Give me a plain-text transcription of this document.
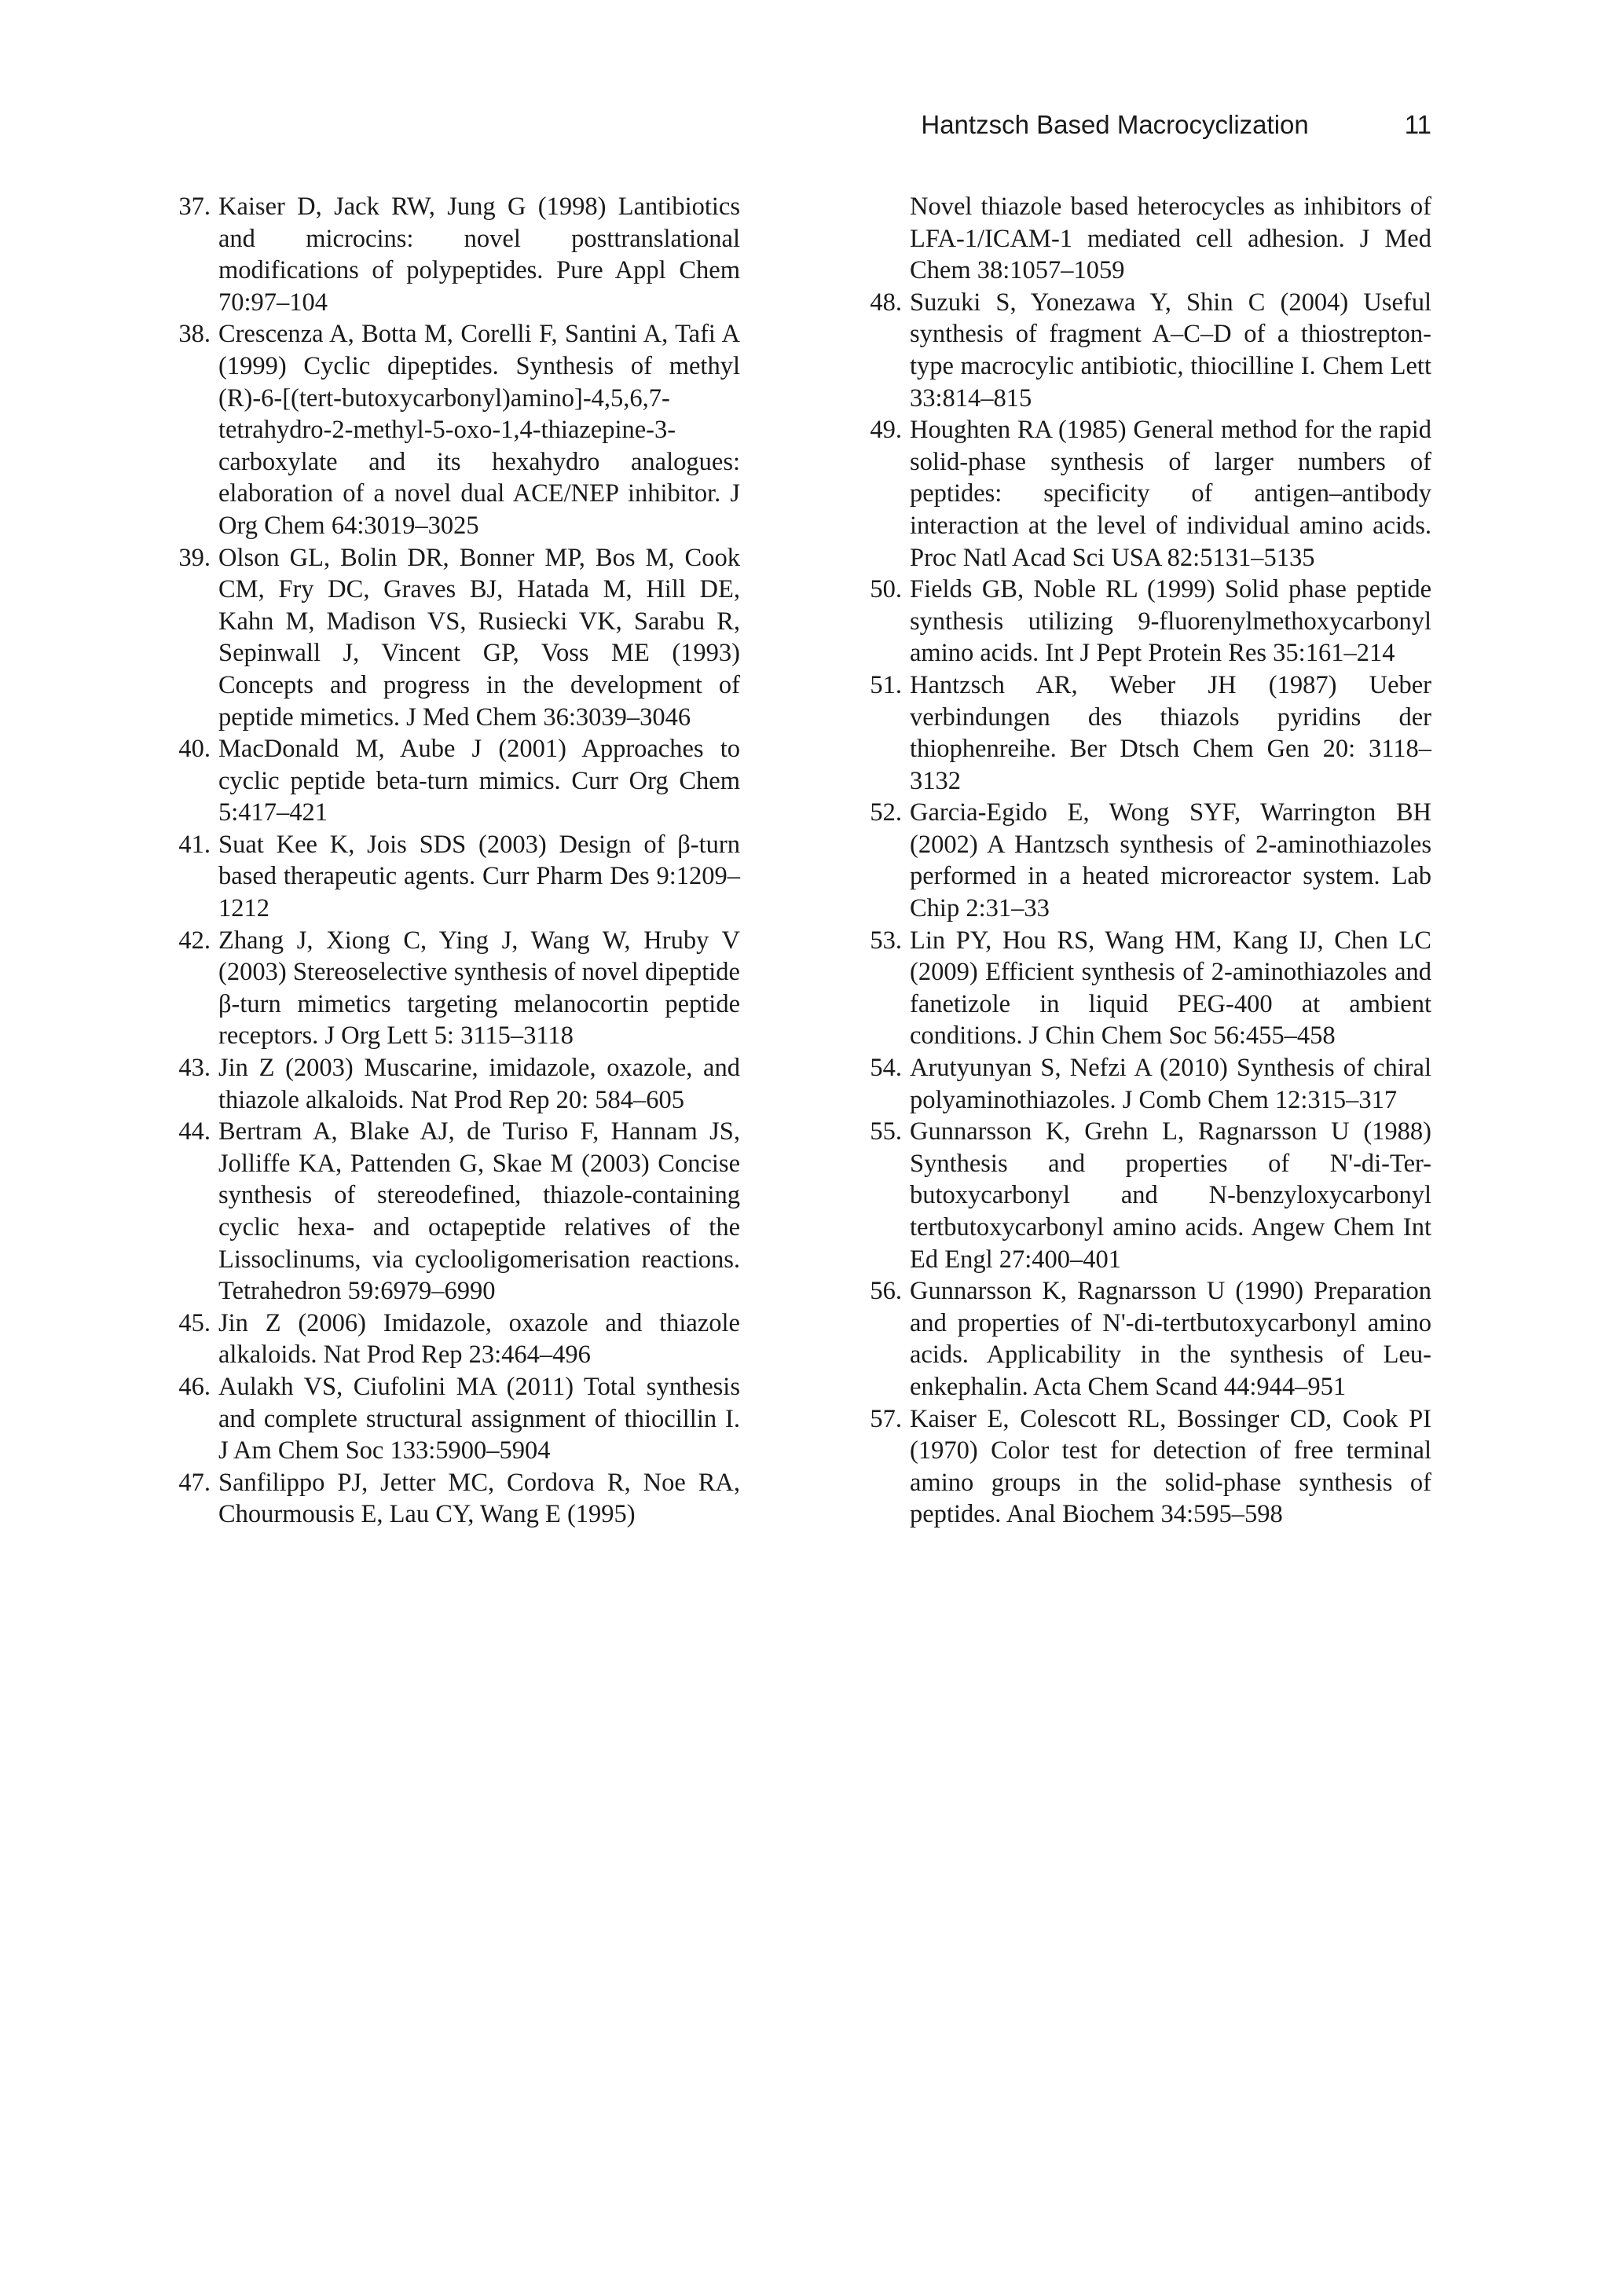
Hantzsch Based Macrocyclization	11
37. Kaiser D, Jack RW, Jung G (1998) Lantibiotics and microcins: novel posttranslational modifications of polypeptides. Pure Appl Chem 70:97–104
38. Crescenza A, Botta M, Corelli F, Santini A, Tafi A (1999) Cyclic dipeptides. Synthesis of methyl (R)-6-[(tert-butoxycarbonyl)amino]-4,5,6,7- tetrahydro-2-methyl-5-oxo-1,4-thiazepine-3-carboxylate and its hexahydro analogues: elaboration of a novel dual ACE/NEP inhibitor. J Org Chem 64:3019–3025
39. Olson GL, Bolin DR, Bonner MP, Bos M, Cook CM, Fry DC, Graves BJ, Hatada M, Hill DE, Kahn M, Madison VS, Rusiecki VK, Sarabu R, Sepinwall J, Vincent GP, Voss ME (1993) Concepts and progress in the development of peptide mimetics. J Med Chem 36:3039–3046
40. MacDonald M, Aube J (2001) Approaches to cyclic peptide beta-turn mimics. Curr Org Chem 5:417–421
41. Suat Kee K, Jois SDS (2003) Design of β-turn based therapeutic agents. Curr Pharm Des 9:1209–1212
42. Zhang J, Xiong C, Ying J, Wang W, Hruby V (2003) Stereoselective synthesis of novel dipeptide β-turn mimetics targeting melanocortin peptide receptors. J Org Lett 5: 3115–3118
43. Jin Z (2003) Muscarine, imidazole, oxazole, and thiazole alkaloids. Nat Prod Rep 20: 584–605
44. Bertram A, Blake AJ, de Turiso F, Hannam JS, Jolliffe KA, Pattenden G, Skae M (2003) Concise synthesis of stereodefined, thiazole-containing cyclic hexa- and octapeptide relatives of the Lissoclinums, via cyclooligomerisation reactions. Tetrahedron 59:6979–6990
45. Jin Z (2006) Imidazole, oxazole and thiazole alkaloids. Nat Prod Rep 23:464–496
46. Aulakh VS, Ciufolini MA (2011) Total synthesis and complete structural assignment of thiocillin I. J Am Chem Soc 133:5900–5904
47. Sanfilippo PJ, Jetter MC, Cordova R, Noe RA, Chourmousis E, Lau CY, Wang E (1995)
Novel thiazole based heterocycles as inhibitors of LFA-1/ICAM-1 mediated cell adhesion. J Med Chem 38:1057–1059
48. Suzuki S, Yonezawa Y, Shin C (2004) Useful synthesis of fragment A–C–D of a thiostrepton-type macrocylic antibiotic, thiocilline I. Chem Lett 33:814–815
49. Houghten RA (1985) General method for the rapid solid-phase synthesis of larger numbers of peptides: specificity of antigen–antibody interaction at the level of individual amino acids. Proc Natl Acad Sci USA 82:5131–5135
50. Fields GB, Noble RL (1999) Solid phase peptide synthesis utilizing 9-fluorenylmethoxycarbonyl amino acids. Int J Pept Protein Res 35:161–214
51. Hantzsch AR, Weber JH (1987) Ueber verbindungen des thiazols pyridins der thiophenreihe. Ber Dtsch Chem Gen 20: 3118–3132
52. Garcia-Egido E, Wong SYF, Warrington BH (2002) A Hantzsch synthesis of 2-aminothiazoles performed in a heated microreactor system. Lab Chip 2:31–33
53. Lin PY, Hou RS, Wang HM, Kang IJ, Chen LC (2009) Efficient synthesis of 2-aminothiazoles and fanetizole in liquid PEG-400 at ambient conditions. J Chin Chem Soc 56:455–458
54. Arutyunyan S, Nefzi A (2010) Synthesis of chiral polyaminothiazoles. J Comb Chem 12:315–317
55. Gunnarsson K, Grehn L, Ragnarsson U (1988) Synthesis and properties of N'-di-Ter-butoxycarbonyl and N-benzyloxycarbonyl tertbutoxycarbonyl amino acids. Angew Chem Int Ed Engl 27:400–401
56. Gunnarsson K, Ragnarsson U (1990) Preparation and properties of N'-di-tertbutoxycarbonyl amino acids. Applicability in the synthesis of Leu-enkephalin. Acta Chem Scand 44:944–951
57. Kaiser E, Colescott RL, Bossinger CD, Cook PI (1970) Color test for detection of free terminal amino groups in the solid-phase synthesis of peptides. Anal Biochem 34:595–598
